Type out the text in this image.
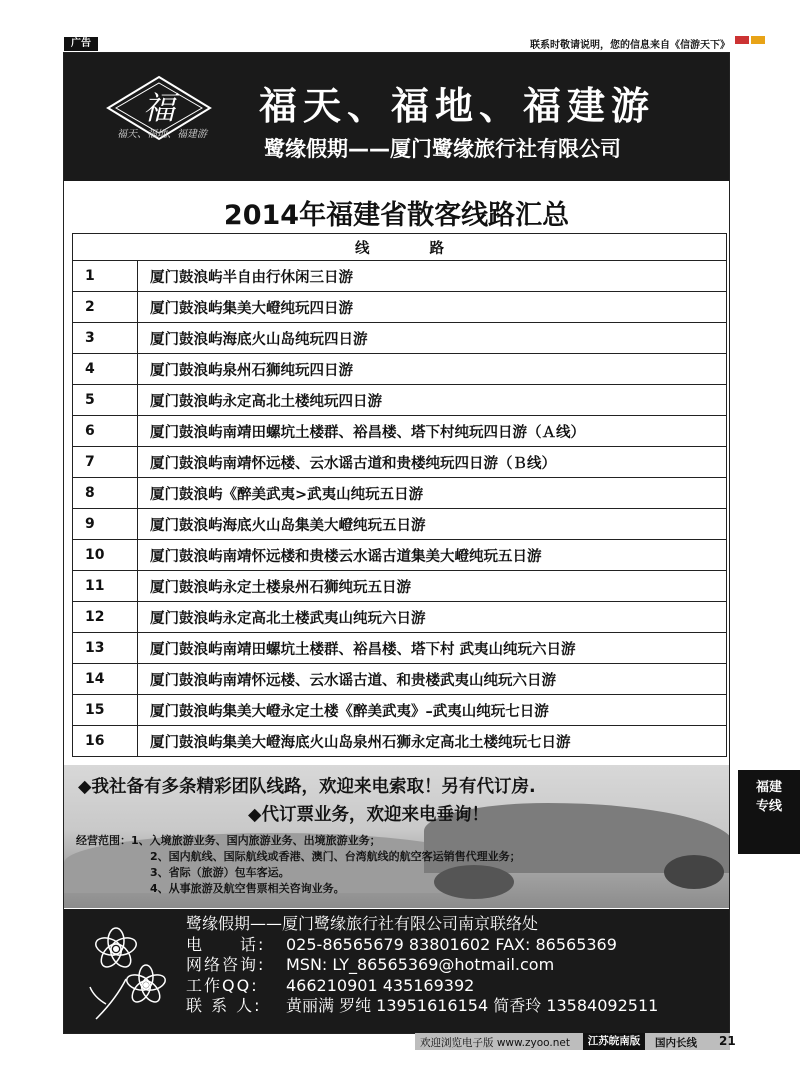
广告	联系时敬请说明，您的信息来自《信游天下》
福
福天、福地、福建游
福天、福地、福建游
鹭缘假期——厦门鹭缘旅行社有限公司
2014年福建省散客线路汇总
线路	
1	厦门鼓浪屿半自由行休闲三日游
2	厦门鼓浪屿集美大嶝纯玩四日游
3	厦门鼓浪屿海底火山岛纯玩四日游
4	厦门鼓浪屿泉州石狮纯玩四日游
5	厦门鼓浪屿永定高北土楼纯玩四日游
6	厦门鼓浪屿南靖田螺坑土楼群、裕昌楼、塔下村纯玩四日游（Ａ线）
7	厦门鼓浪屿南靖怀远楼、云水谣古道和贵楼纯玩四日游（Ｂ线）
8	厦门鼓浪屿《醉美武夷>武夷山纯玩五日游
9	厦门鼓浪屿海底火山岛集美大嶝纯玩五日游
10	厦门鼓浪屿南靖怀远楼和贵楼云水谣古道集美大嶝纯玩五日游
11	厦门鼓浪屿永定土楼泉州石狮纯玩五日游
12	厦门鼓浪屿永定高北土楼武夷山纯玩六日游
13	厦门鼓浪屿南靖田螺坑土楼群、裕昌楼、塔下村 武夷山纯玩六日游
14	厦门鼓浪屿南靖怀远楼、云水谣古道、和贵楼武夷山纯玩六日游
15	厦门鼓浪屿集美大嶝永定土楼《醉美武夷》–武夷山纯玩七日游
16	厦门鼓浪屿集美大嶝海底火山岛泉州石狮永定高北土楼纯玩七日游
◆我社备有多条精彩团队线路，欢迎来电索取！另有代订房.
◆代订票业务，欢迎来电垂询！
经营范围：1、入境旅游业务、国内旅游业务、出境旅游业务；
2、国内航线、国际航线或香港、澳门、台湾航线的航空客运销售代理业务；
3、省际（旅游）包车客运。
4、从事旅游及航空售票相关咨询业务。
鹭缘假期——厦门鹭缘旅行社有限公司南京联络处
电　　话: 025-86565679 83801602 FAX: 86565369
网络咨询: MSN: LY_86565369@hotmail.com
工作QQ: 466210901 435169392
联 系 人: 黄丽满 罗纯 13951616154 简香玲 13584092511
福建
专线
欢迎浏览电子版 www.zyoo.net	江苏皖南版	国内长线 21
